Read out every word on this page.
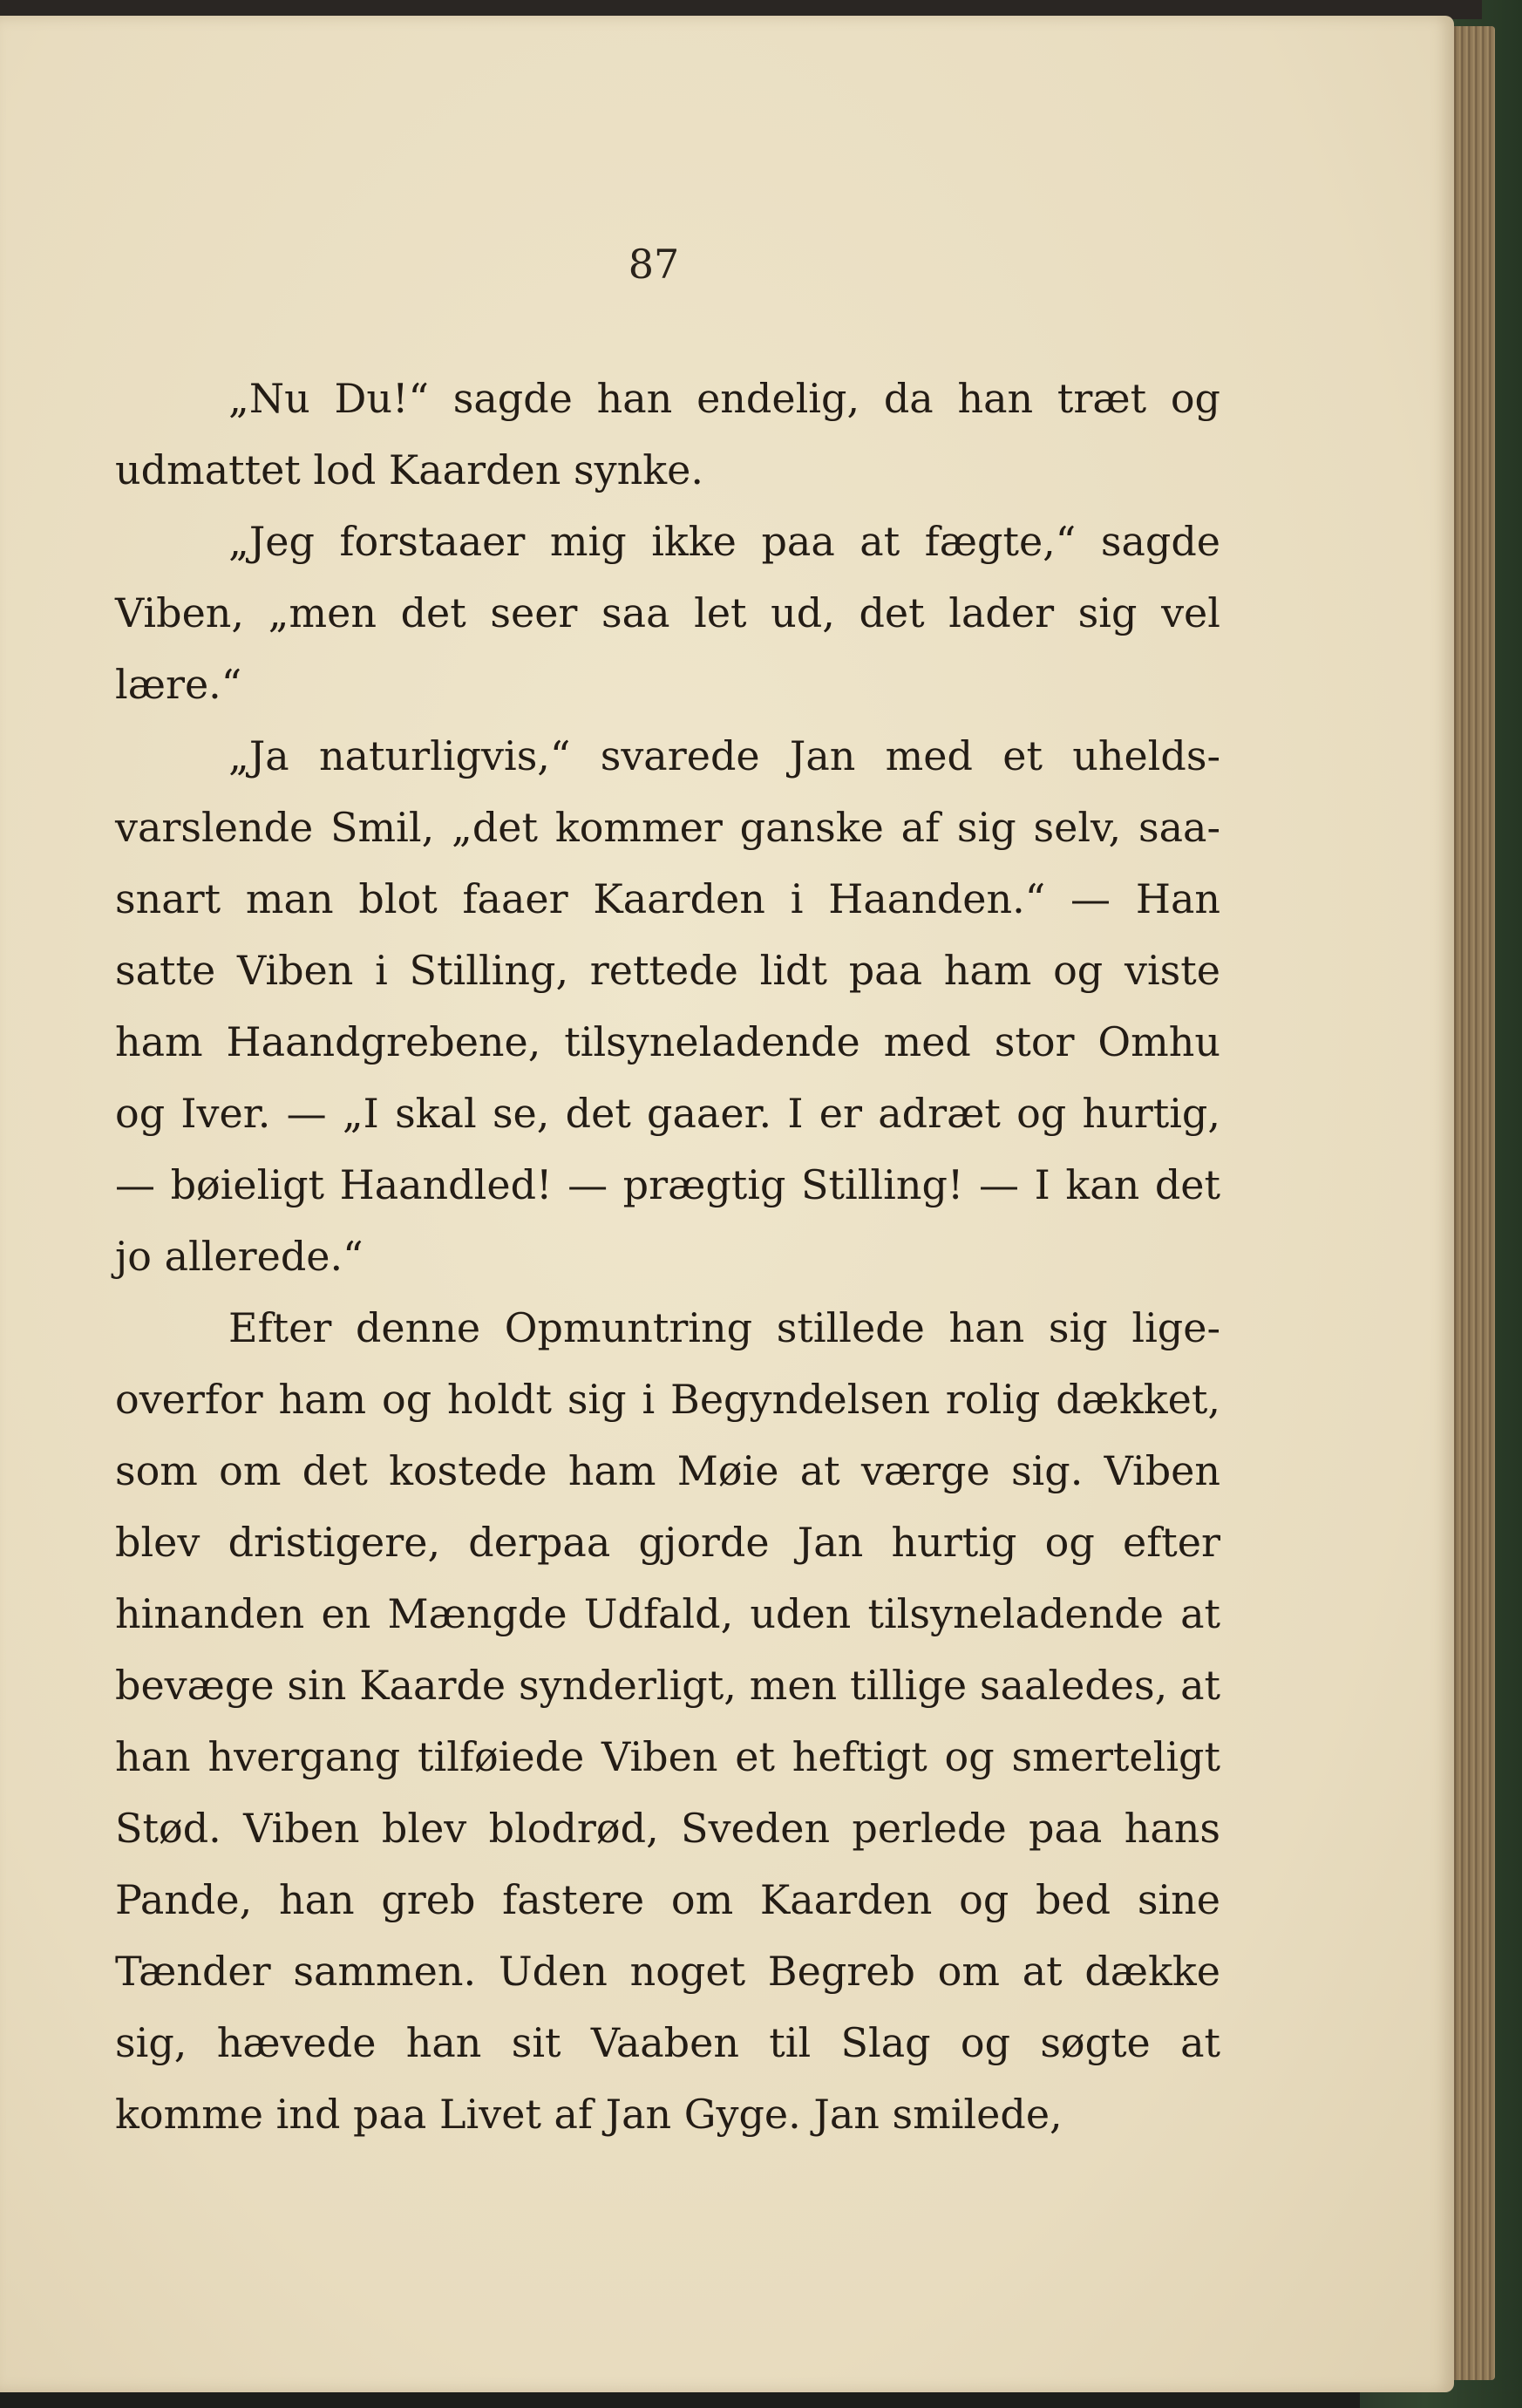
87

„Nu Du!“ sagde han endelig, da han træt og udmattet lod Kaarden synke.

„Jeg forstaaer mig ikke paa at fægte,“ sagde Viben, „men det seer saa let ud, det lader sig vel lære.“

„Ja naturligvis,“ svarede Jan med et uhelds-varslende Smil, „det kommer ganske af sig selv, saa-snart man blot faaer Kaarden i Haanden.“ — Han satte Viben i Stilling, rettede lidt paa ham og viste ham Haandgrebene, tilsyneladende med stor Omhu og Iver. — „I skal se, det gaaer. I er adræt og hurtig, — bøieligt Haandled! — prægtig Stilling! — I kan det jo allerede.“

Efter denne Opmuntring stillede han sig lige-overfor ham og holdt sig i Begyndelsen rolig dækket, som om det kostede ham Møie at værge sig. Viben blev dristigere, derpaa gjorde Jan hurtig og efter hinanden en Mængde Udfald, uden tilsyneladende at bevæge sin Kaarde synderligt, men tillige saaledes, at han hvergang tilføiede Viben et heftigt og smerteligt Stød. Viben blev blodrød, Sveden perlede paa hans Pande, han greb fastere om Kaarden og bed sine Tænder sammen. Uden noget Begreb om at dække sig, hævede han sit Vaaben til Slag og søgte at komme ind paa Livet af Jan Gyge. Jan smilede,
